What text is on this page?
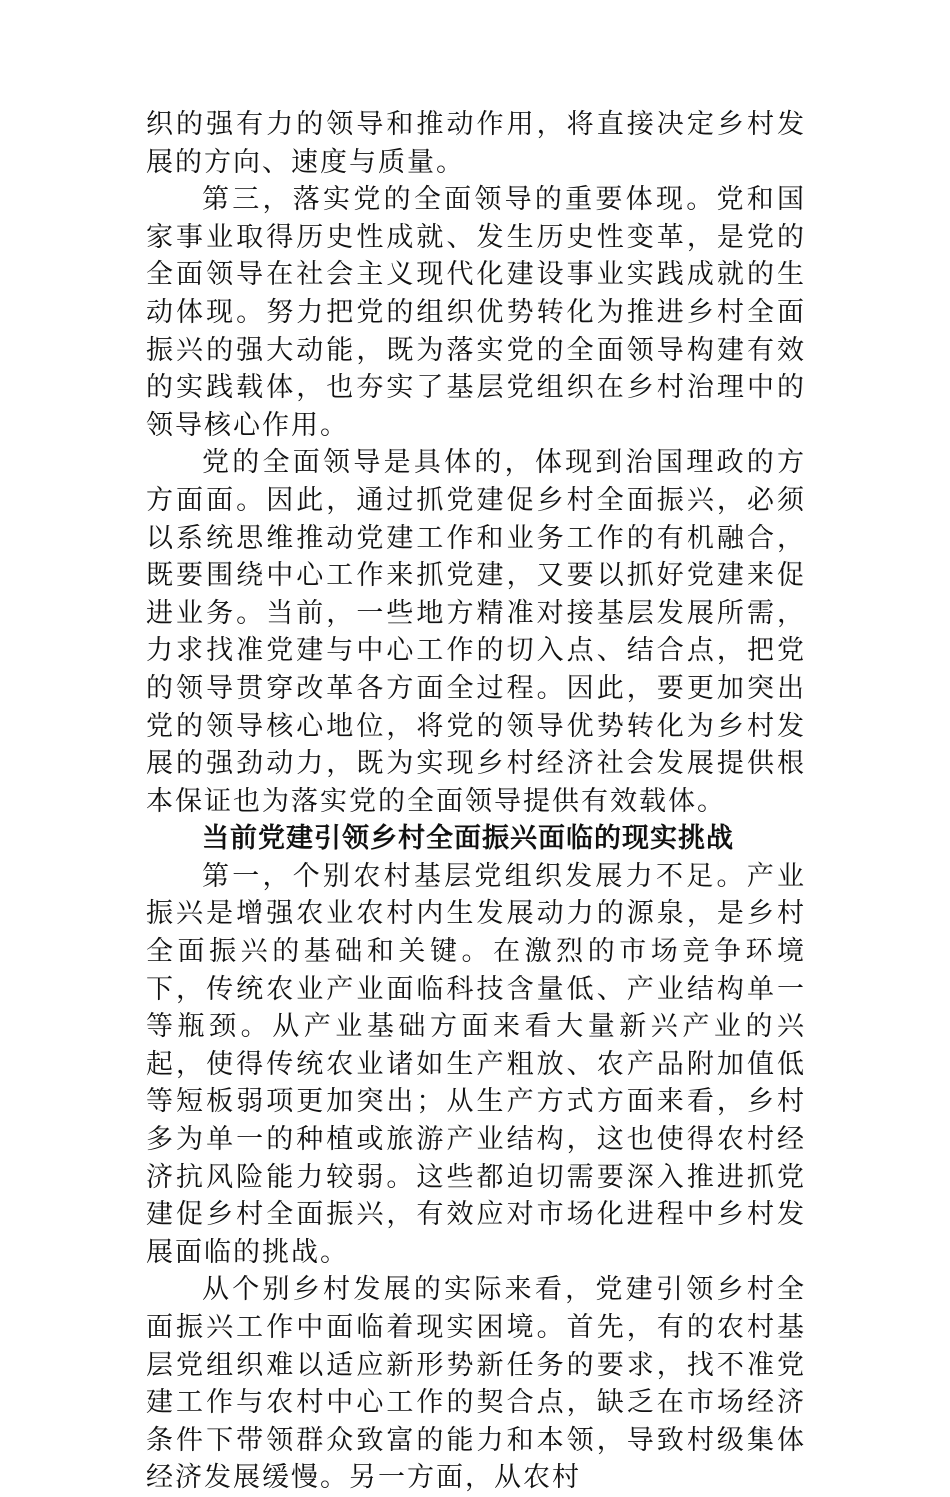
织的强有力的领导和推动作用，将直接决定乡村发展的方向、速度与质量。

第三，落实党的全面领导的重要体现。党和国家事业取得历史性成就、发生历史性变革，是党的全面领导在社会主义现代化建设事业实践成就的生动体现。努力把党的组织优势转化为推进乡村全面振兴的强大动能，既为落实党的全面领导构建有效的实践载体，也夯实了基层党组织在乡村治理中的领导核心作用。

党的全面领导是具体的，体现到治国理政的方方面面。因此，通过抓党建促乡村全面振兴，必须以系统思维推动党建工作和业务工作的有机融合，既要围绕中心工作来抓党建，又要以抓好党建来促进业务。当前，一些地方精准对接基层发展所需，力求找准党建与中心工作的切入点、结合点，把党的领导贯穿改革各方面全过程。因此，要更加突出党的领导核心地位，将党的领导优势转化为乡村发展的强劲动力，既为实现乡村经济社会发展提供根本保证也为落实党的全面领导提供有效载体。

当前党建引领乡村全面振兴面临的现实挑战

第一，个别农村基层党组织发展力不足。产业振兴是增强农业农村内生发展动力的源泉，是乡村全面振兴的基础和关键。在激烈的市场竞争环境下，传统农业产业面临科技含量低、产业结构单一等瓶颈。从产业基础方面来看大量新兴产业的兴起，使得传统农业诸如生产粗放、农产品附加值低等短板弱项更加突出；从生产方式方面来看，乡村多为单一的种植或旅游产业结构，这也使得农村经济抗风险能力较弱。这些都迫切需要深入推进抓党建促乡村全面振兴，有效应对市场化进程中乡村发展面临的挑战。

从个别乡村发展的实际来看，党建引领乡村全面振兴工作中面临着现实困境。首先，有的农村基层党组织难以适应新形势新任务的要求，找不准党建工作与农村中心工作的契合点，缺乏在市场经济条件下带领群众致富的能力和本领，导致村级集体经济发展缓慢。另一方面，从农村
